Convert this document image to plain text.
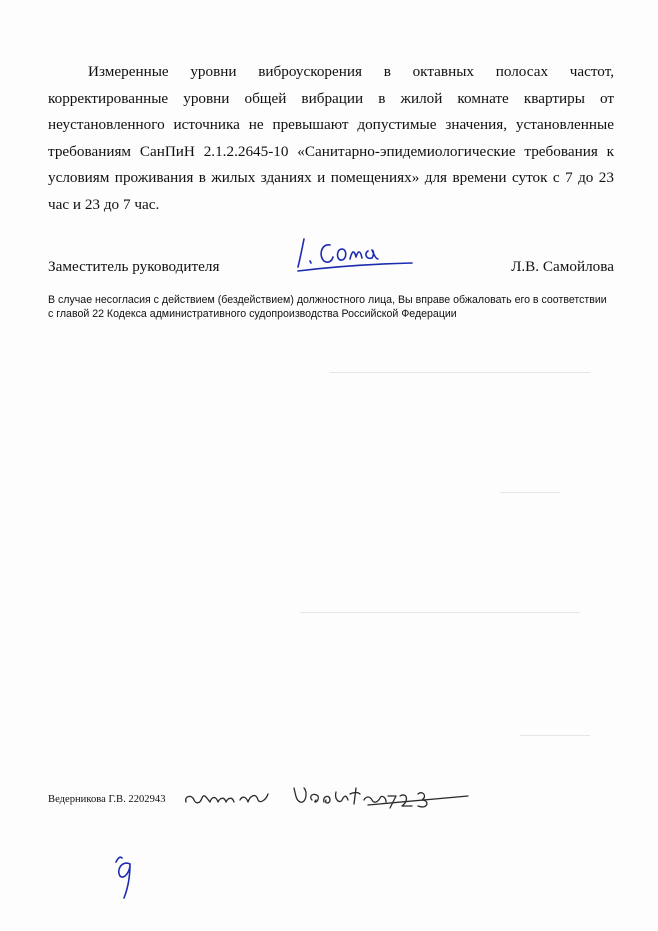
Измеренные уровни виброускорения в октавных полосах частот, корректированные уровни общей вибрации в жилой комнате квартиры от неустановленного источника не превышают допустимые значения, установленные требованиям СанПиН 2.1.2.2645-10 «Санитарно-эпидемиологические требования к условиям проживания в жилых зданиях и помещениях» для времени суток с 7 до 23 час и 23 до 7 час.

Заместитель руководителя	Л.В. Самойлова

В случае несогласия с действием (бездействием) должностного лица, Вы вправе обжаловать его в соответствии с главой 22 Кодекса административного судопроизводства Российской Федерации

Ведерникова Г.В. 2202943
